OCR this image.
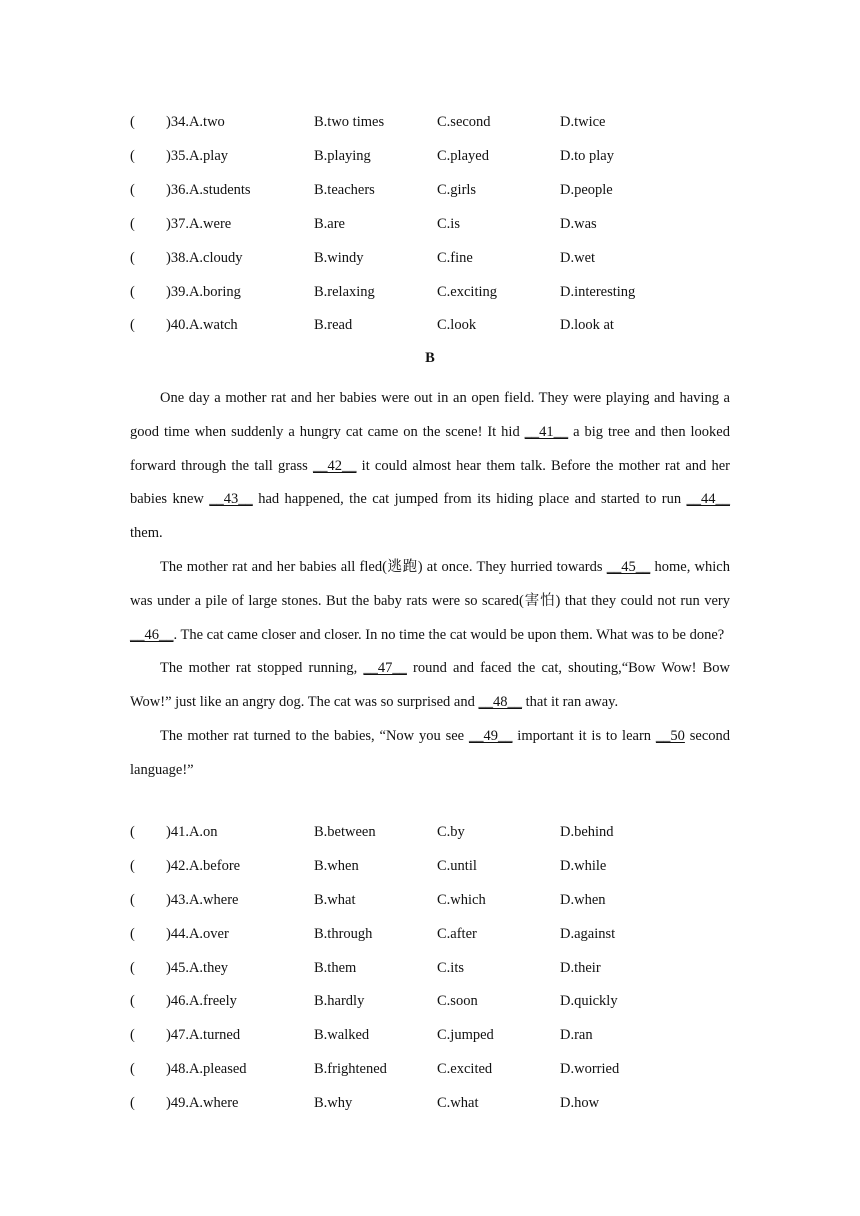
( )34.A.two	B.two times	C.second	D.twice
( )35.A.play	B.playing	C.played	D.to play
( )36.A.students	B.teachers	C.girls	D.people
( )37.A.were	B.are	C.is	D.was
( )38.A.cloudy	B.windy	C.fine	D.wet
( )39.A.boring	B.relaxing	C.exciting	D.interesting
( )40.A.watch	B.read	C.look	D.look at
B

One day a mother rat and her babies were out in an open field. They were playing and having a good time when suddenly a hungry cat came on the scene! It hid __41__ a big tree and then looked forward through the tall grass __42__ it could almost hear them talk. Before the mother rat and her babies knew __43__ had happened, the cat jumped from its hiding place and started to run __44__ them.

The mother rat and her babies all fled(逃跑) at once. They hurried towards __45__ home, which was under a pile of large stones. But the baby rats were so scared(害怕) that they could not run very __46__. The cat came closer and closer. In no time the cat would be upon them. What was to be done?

The mother rat stopped running, __47__ round and faced the cat, shouting,“Bow Wow! Bow Wow!” just like an angry dog. The cat was so surprised and __48__ that it ran away.

The mother rat turned to the babies, “Now you see __49__ important it is to learn __50 second language!”

( )41.A.on	B.between	C.by	D.behind
( )42.A.before	B.when	C.until	D.while
( )43.A.where	B.what	C.which	D.when
( )44.A.over	B.through	C.after	D.against
( )45.A.they	B.them	C.its	D.their
( )46.A.freely	B.hardly	C.soon	D.quickly
( )47.A.turned	B.walked	C.jumped	D.ran
( )48.A.pleased	B.frightened	C.excited	D.worried
( )49.A.where	B.why	C.what	D.how
